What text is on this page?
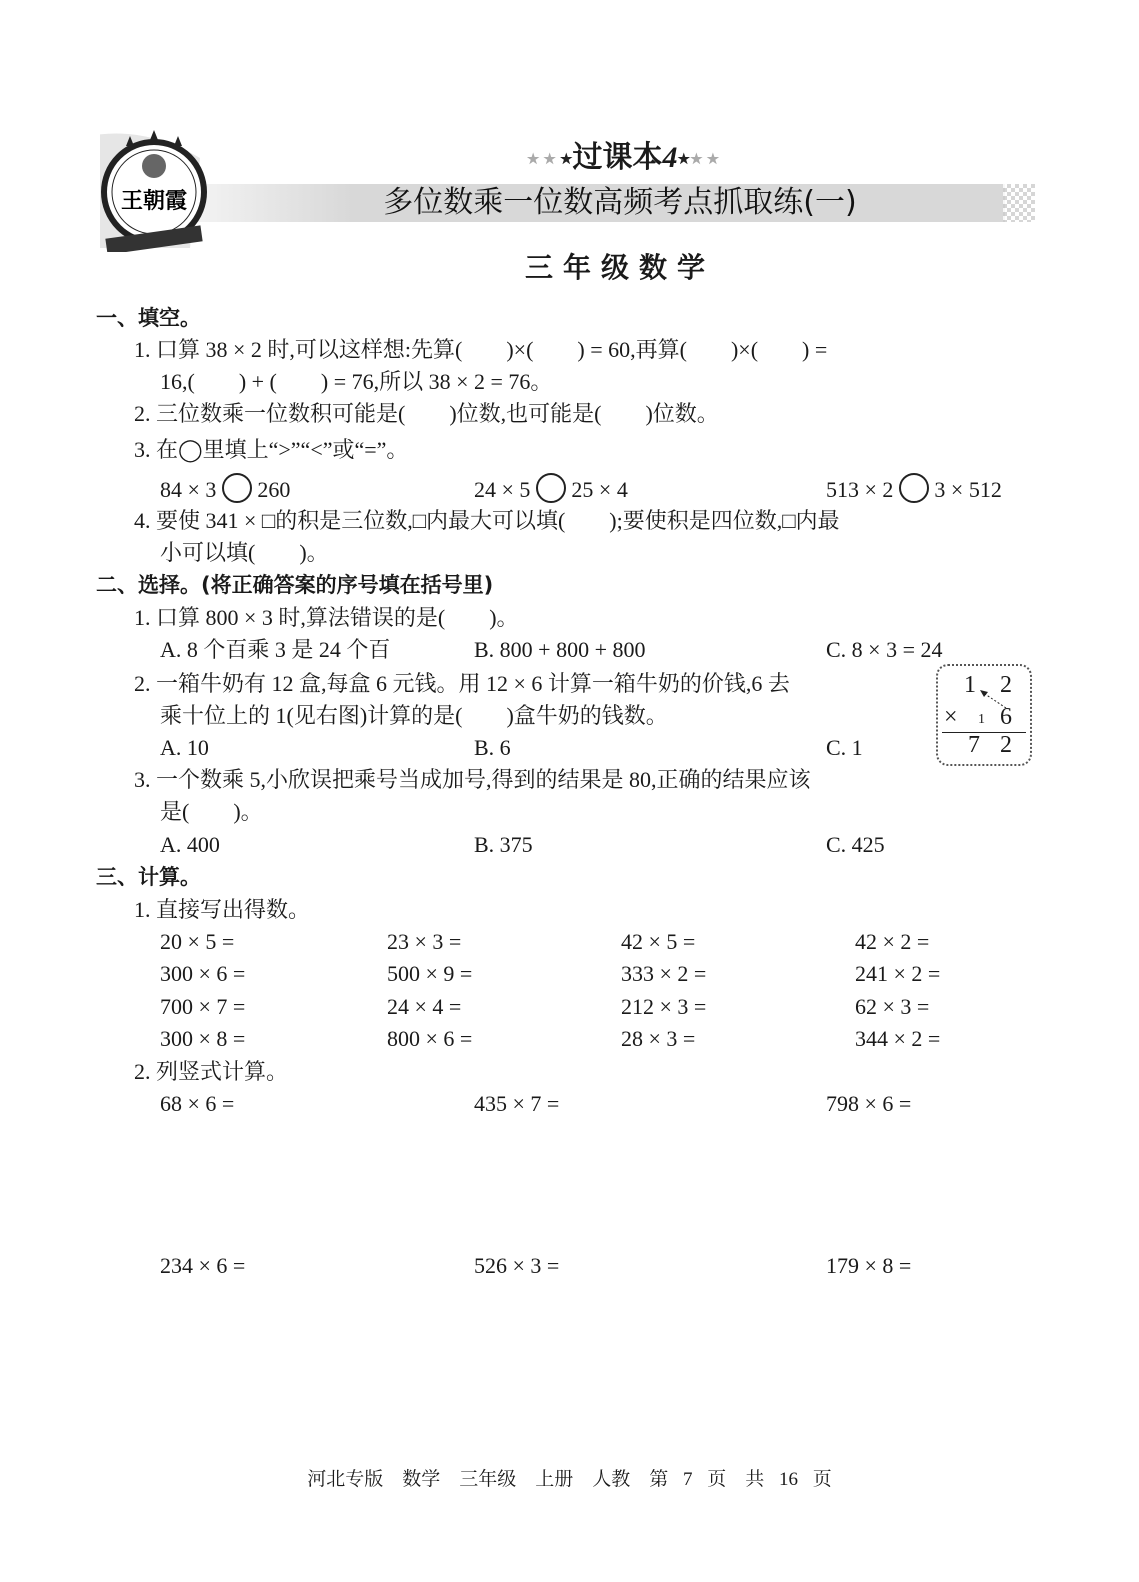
王朝霞
★★★过课本4★★★
多位数乘一位数高频考点抓取练(一)
三年级数学
一、填空。
1. 口算 38 × 2 时,可以这样想:先算(　　)×(　　) = 60,再算(　　)×(　　) =
16,(　　) + (　　) = 76,所以 38 × 2 = 76。
2. 三位数乘一位数积可能是(　　)位数,也可能是(　　)位数。
3. 在◯里填上“>”“<”或“=”。
84 × 3 260	24 × 5 25 × 4	513 × 2 3 × 512
4. 要使 341 × □的积是三位数,□内最大可以填(　　);要使积是四位数,□内最
小可以填(　　)。
二、选择。(将正确答案的序号填在括号里)
1. 口算 800 × 3 时,算法错误的是(　　)。
A. 8 个百乘 3 是 24 个百	B. 800 + 800 + 800	C. 8 × 3 = 24
2. 一箱牛奶有 12 盒,每盒 6 元钱。用 12 × 6 计算一箱牛奶的价钱,6 去
乘十位上的 1(见右图)计算的是(　　)盒牛奶的钱数。
A. 10	B. 6	C. 1
1 2
× 1 6
7 2
3. 一个数乘 5,小欣误把乘号当成加号,得到的结果是 80,正确的结果应该
是(　　)。
A. 400	B. 375	C. 425
三、计算。
1. 直接写出得数。
2. 列竖式计算。
河北专版　数学　三年级　上册　人教　第 7 页　共 16 页
20 × 5 =	23 × 3 =	42 × 5 =	42 × 2 =
300 × 6 =	500 × 9 =	333 × 2 =	241 × 2 =
700 × 7 =	24 × 4 =	212 × 3 =	62 × 3 =
300 × 8 =	800 × 6 =	28 × 3 =	344 × 2 =
68 × 6 =	435 × 7 =	798 × 6 =
234 × 6 =	526 × 3 =	179 × 8 =
